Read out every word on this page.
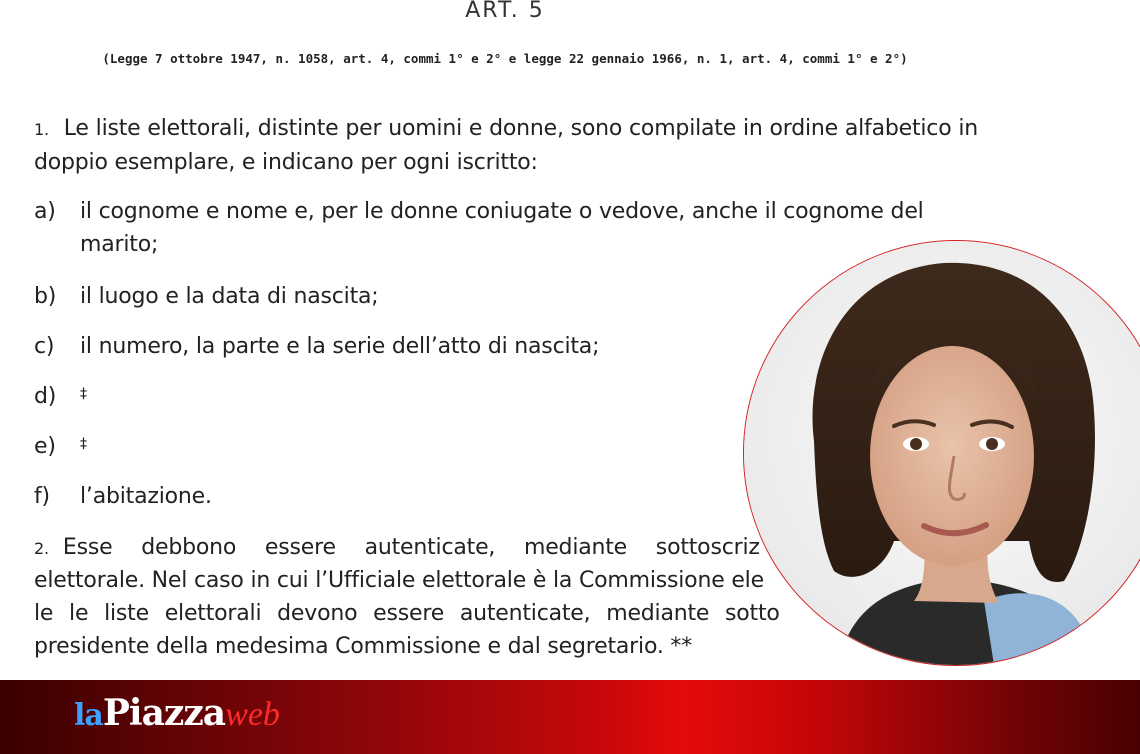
ART. 5
(Legge 7 ottobre 1947, n. 1058, art. 4, commi 1° e 2° e legge 22 gennaio 1966, n. 1, art. 4, commi 1° e 2°)

1. Le liste elettorali, distinte per uomini e donne, sono compilate in ordine alfabetico in doppio esemplare, e indicano per ogni iscritto:

a) il cognome e nome e, per le donne coniugate o vedove, anche il cognome del marito;
b) il luogo e la data di nascita;
c) il numero, la parte e la serie dell’atto di nascita;
d) ‡
e) ‡
f) l’abitazione.
2. Esse debbono essere autenticate, mediante sottoscriz
elettorale. Nel caso in cui l’Ufficiale elettorale è la Commissione ele
le le liste elettorali devono essere autenticate, mediante sotto
presidente della medesima Commissione e dal segretario. **
laPiazzaweb
